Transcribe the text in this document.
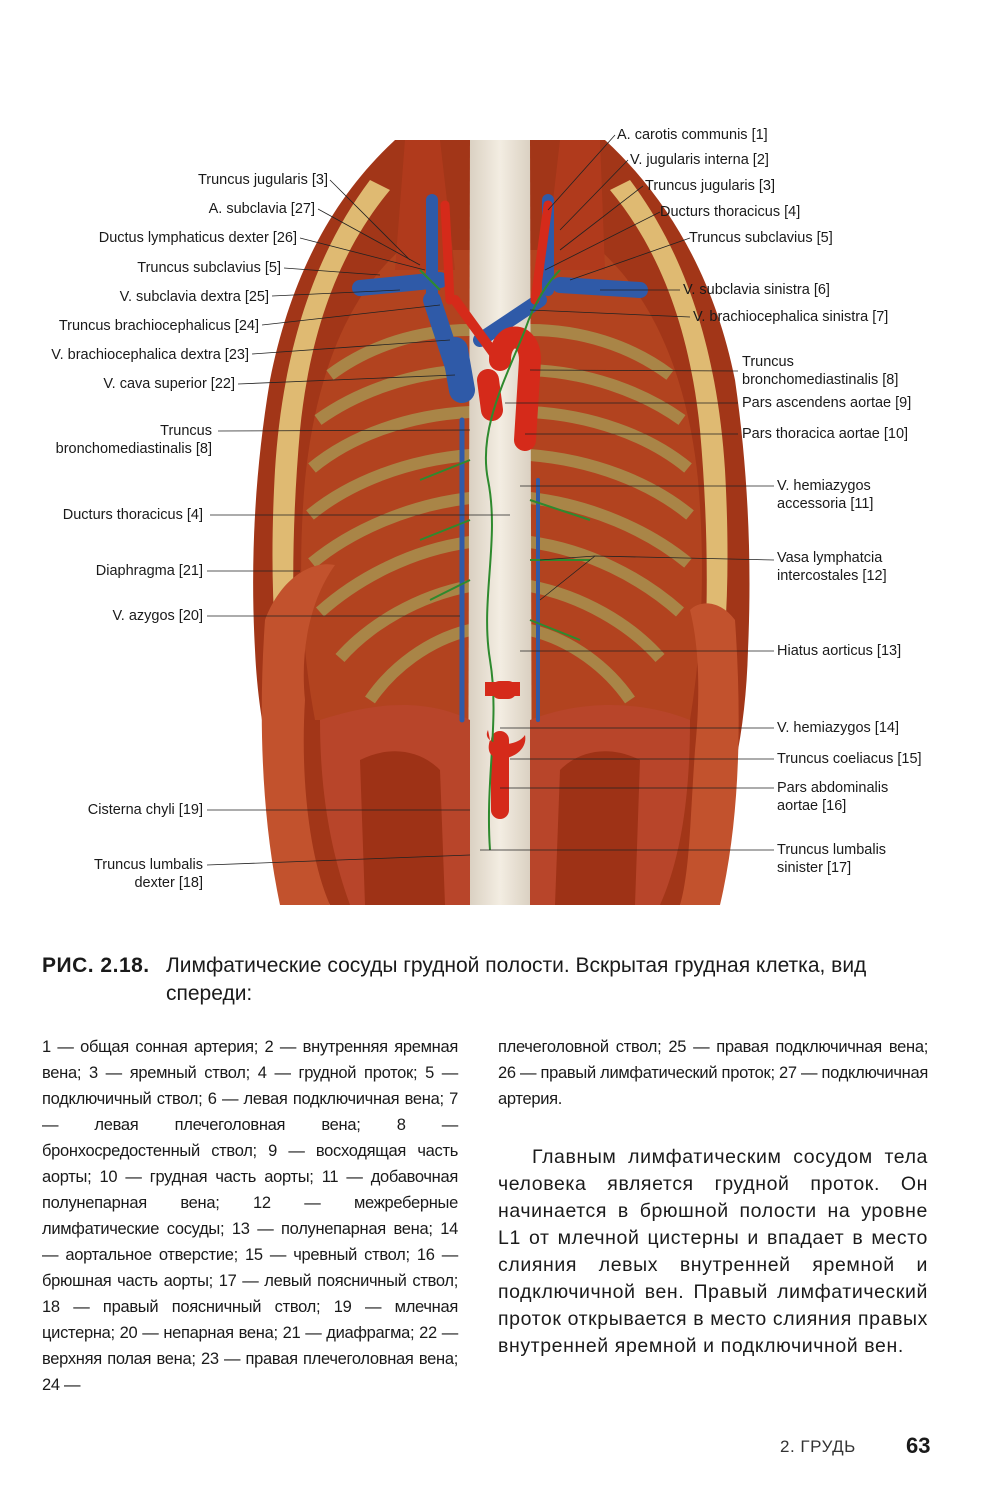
Truncus jugularis [3]
A. subclavia [27]
Ductus lymphaticus dexter [26]
Truncus subclavius [5]
V. subclavia dextra [25]
Truncus brachiocephalicus [24]
V. brachiocephalica dextra [23]
V. cava superior [22]
Truncus
bronchomediastinalis [8]
Ducturs thoracicus [4]
Diaphragma [21]
V. azygos [20]
Cisterna chyli [19]
Truncus lumbalis
dexter [18]
A. carotis communis [1]
V. jugularis interna [2]
Truncus jugularis [3]
Ducturs thoracicus [4]
Truncus subclavius [5]
V. subclavia sinistra [6]
V. brachiocephalica sinistra [7]
Truncus
bronchomediastinalis [8]
Pars ascendens aortae [9]
Pars thoracica aortae [10]
V. hemiazygos
accessoria [11]
Vasa lymphatcia
intercostales [12]
Hiatus aorticus [13]
V. hemiazygos [14]
Truncus coeliacus [15]
Pars abdominalis
aortae [16]
Truncus lumbalis
sinister [17]
РИС. 2.18. Лимфатические сосуды грудной полости. Вскрытая грудная клетка, вид спереди:
1 — общая сонная артерия; 2 — внутренняя яремная вена; 3 — яремный ствол; 4 — грудной проток; 5 — подключичный ствол; 6 — левая подключичная вена; 7 — левая плечеголовная вена; 8 — бронхосредостенный ствол; 9 — восходящая часть аорты; 10 — грудная часть аорты; 11 — добавочная полунепарная вена; 12 — межреберные лимфатические сосуды; 13 — полунепарная вена; 14 — аортальное отверстие; 15 — чревный ствол; 16 — брюшная часть аорты; 17 — левый поясничный ствол; 18 — правый поясничный ствол; 19 — млечная цистерна; 20 — непарная вена; 21 — диафрагма; 22 — верхняя полая вена; 23 — правая плечеголовная вена; 24 —
плечеголовной ствол; 25 — правая подключичная вена; 26 — правый лимфатический проток; 27 — подключичная артерия.
Главным лимфатическим сосудом тела человека является грудной проток. Он начинается в брюшной полости на уровне L1 от млечной цистерны и впадает в место слияния левых внутренней яремной и подключичной вен. Правый лимфатический проток открывается в место слияния правых внутренней яремной и подключичной вен.
2. ГРУДЬ 63
